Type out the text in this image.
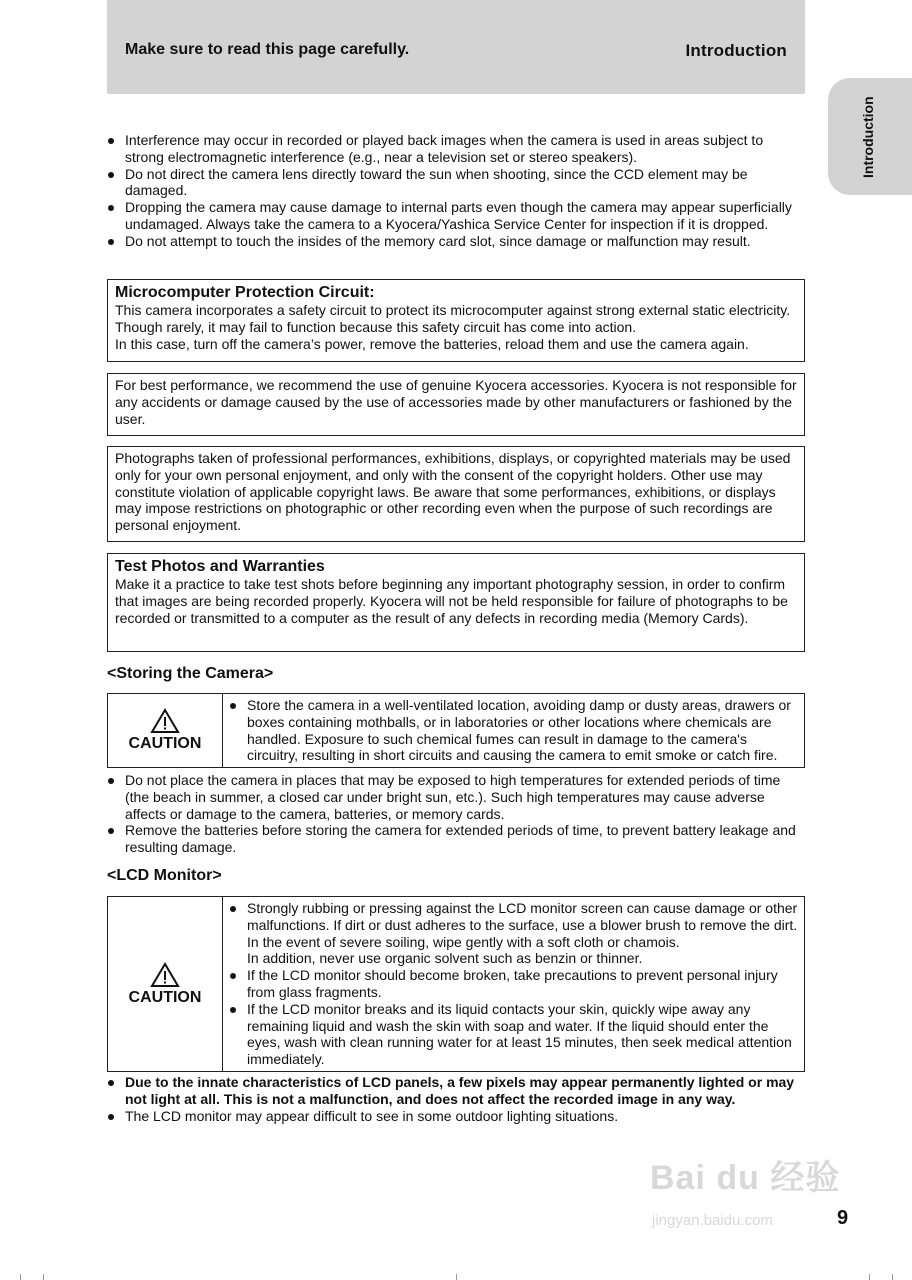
Make sure to read this page carefully.	Introduction
Introduction
Interference may occur in recorded or played back images when the camera is used in areas subject to strong electromagnetic interference (e.g., near a television set or stereo speakers).
Do not direct the camera lens directly toward the sun when shooting, since the CCD element may be damaged.
Dropping the camera may cause damage to internal parts even though the camera may appear superficially undamaged. Always take the camera to a Kyocera/Yashica Service Center for inspection if it is dropped.
Do not attempt to touch the insides of the memory card slot, since damage or malfunction may result.
Microcomputer Protection Circuit:

This camera incorporates a safety circuit to protect its microcomputer against strong external static electricity. Though rarely, it may fail to function because this safety circuit has come into action.

In this case, turn off the camera’s power, remove the batteries, reload them and use the camera again.

For best performance, we recommend the use of genuine Kyocera accessories. Kyocera is not responsible for any accidents or damage caused by the use of accessories made by other manufacturers or fashioned by the user.

Photographs taken of professional performances, exhibitions, displays, or copyrighted materials may be used only for your own personal enjoyment, and only with the consent of the copyright holders. Other use may constitute violation of applicable copyright laws. Be aware that some performances, exhibitions, or displays may impose restrictions on photographic or other recording even when the purpose of such recordings are personal enjoyment.

Test Photos and Warranties

Make it a practice to take test shots before beginning any important photography session, in order to confirm that images are being recorded properly. Kyocera will not be held responsible for failure of photographs to be recorded or transmitted to a computer as the result of any defects in recording media (Memory Cards).

<Storing the Camera>
CAUTION	
Store the camera in a well-ventilated location, avoiding damp or dusty areas, drawers or boxes containing mothballs, or in laboratories or other locations where chemicals are handled. Exposure to such chemical fumes can result in damage to the camera's circuitry, resulting in short circuits and causing the camera to emit smoke or catch fire.
Do not place the camera in places that may be exposed to high temperatures for extended periods of time (the beach in summer, a closed car under bright sun, etc.). Such high temperatures may cause adverse affects or damage to the camera, batteries, or memory cards.
Remove the batteries before storing the camera for extended periods of time, to prevent battery leakage and resulting damage.
<LCD Monitor>
CAUTION	
Strongly rubbing or pressing against the LCD monitor screen can cause damage or other malfunctions. If dirt or dust adheres to the surface, use a blower brush to remove the dirt. In the event of severe soiling, wipe gently with a soft cloth or chamois.
In addition, never use organic solvent such as benzin or thinner.
If the LCD monitor should become broken, take precautions to prevent personal injury from glass fragments.
If the LCD monitor breaks and its liquid contacts your skin, quickly wipe away any remaining liquid and wash the skin with soap and water. If the liquid should enter the eyes, wash with clean running water for at least 15 minutes, then seek medical attention immediately.
Due to the innate characteristics of LCD panels, a few pixels may appear permanently lighted or may not light at all. This is not a malfunction, and does not affect the recorded image in any way.
The LCD monitor may appear difficult to see in some outdoor lighting situations.
Bai du 经验
jingyan.baidu.com	9
